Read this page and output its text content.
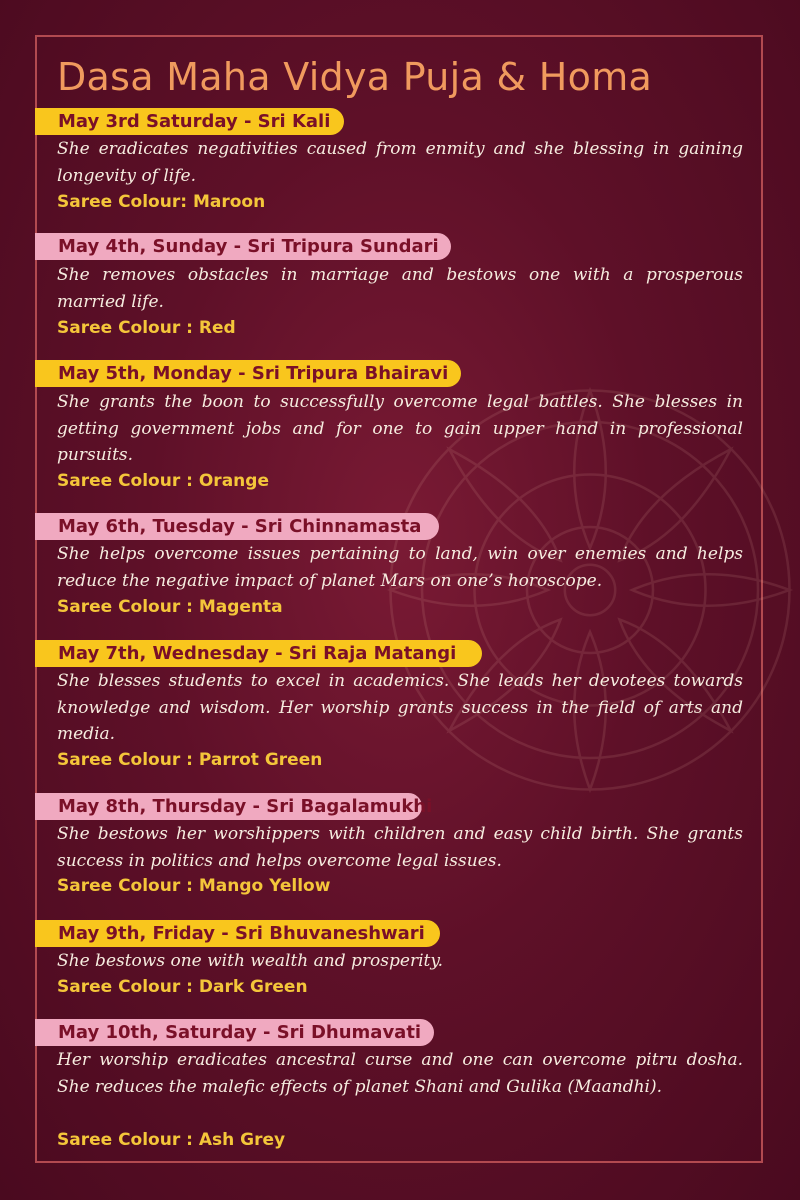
Dasa Maha Vidya Puja & Homa
May 3rd Saturday - Sri Kali
She eradicates negativities caused from enmity and she blessing in gaining longevity of life.
Saree Colour: Maroon
May 4th, Sunday - Sri Tripura Sundari
She removes obstacles in marriage and bestows one with a prosperous married life.
Saree Colour : Red
May 5th, Monday - Sri Tripura Bhairavi
She grants the boon to successfully overcome legal battles. She blesses in getting government jobs and for one to gain upper hand in professional pursuits.
Saree Colour : Orange
May 6th, Tuesday - Sri Chinnamasta
She helps overcome issues pertaining to land, win over enemies and helps reduce the negative impact of planet Mars on one’s horoscope.
Saree Colour : Magenta
May 7th, Wednesday - Sri Raja Matangi
She blesses students to excel in academics. She leads her devotees towards knowledge and wisdom. Her worship grants success in the field of arts and media.
Saree Colour : Parrot Green
May 8th, Thursday - Sri Bagalamukhi
She bestows her worshippers with children and easy child birth. She grants success in politics and helps overcome legal issues.
Saree Colour : Mango Yellow
May 9th, Friday - Sri Bhuvaneshwari
She bestows one with wealth and prosperity.
Saree Colour : Dark Green
May 10th, Saturday - Sri Dhumavati
Her worship eradicates ancestral curse and one can overcome pitru dosha. She reduces the malefic effects of planet Shani and Gulika (Maandhi).
Saree Colour : Ash Grey
